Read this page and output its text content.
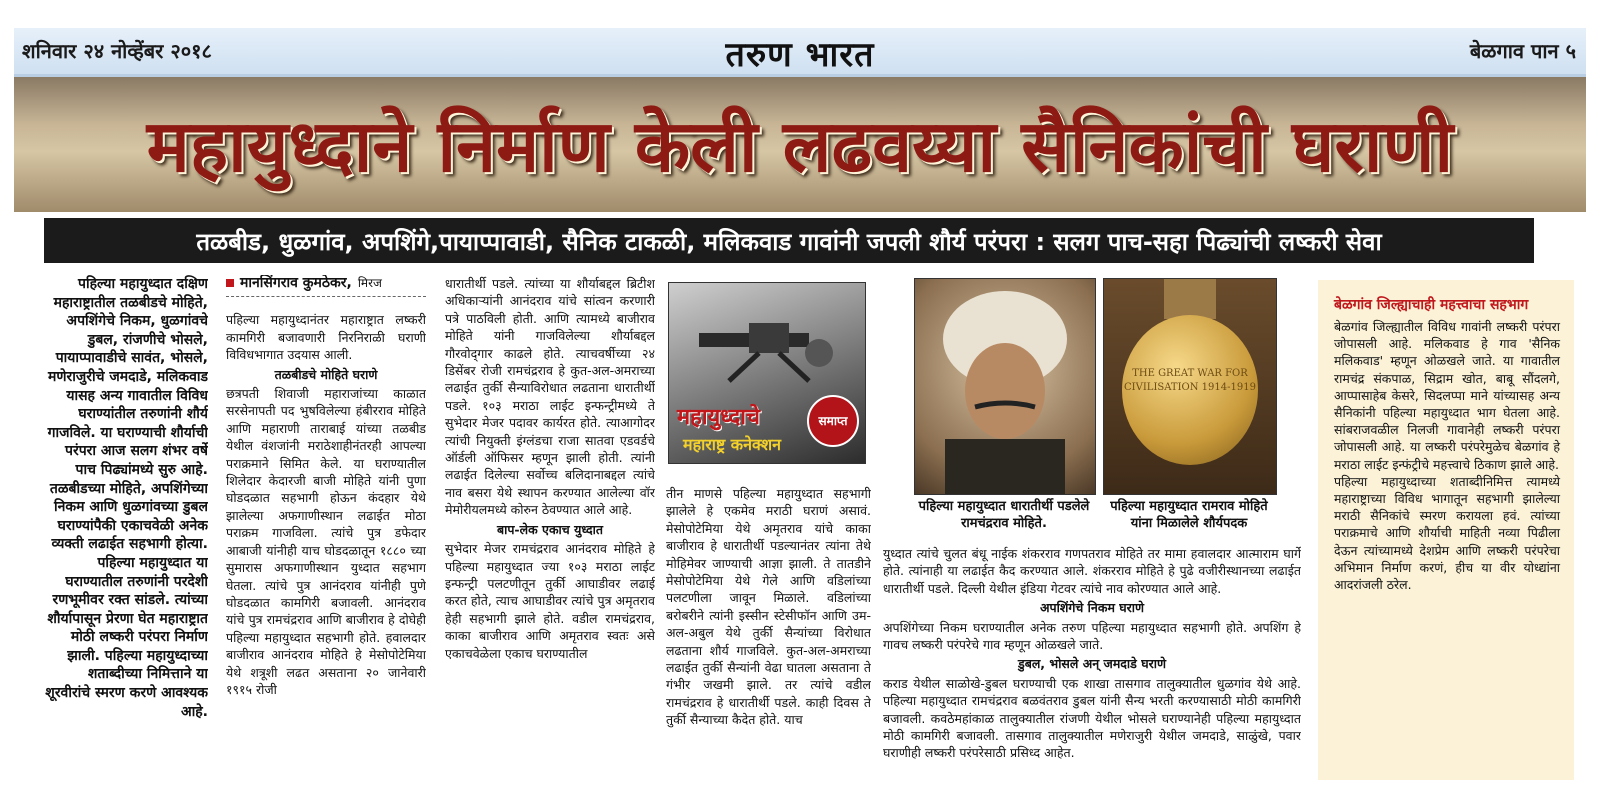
शनिवार २४ नोव्हेंबर २०१८	तरुण भारत	बेळगाव पान ५
महायुध्दाने निर्माण केली लढवय्या सैनिकांची घराणी
तळबीड, धुळगांव, अपशिंगे,पायाप्पावाडी, सैनिक टाकळी, मलिकवाड गावांनी जपली शौर्य परंपरा : सलग पाच-सहा पिढ्यांची लष्करी सेवा

पहिल्या महायुध्दात दक्षिण महाराष्ट्रातील तळबीडचे मोहिते, अपशिंगेचे निकम, धुळगांवचे डुबल, रांजणीचे भोसले, पायाप्पावाडीचे सावंत, भोसले, मणेराजुरीचे जमदाडे, मलिकवाड यासह अन्य गावातील विविध घराण्यांतील तरुणांनी शौर्य गाजविले. या घराण्याची शौर्याची परंपरा आज सलग शंभर वर्षे पाच पिढ्यांमध्ये सुरु आहे. तळबीडच्या मोहिते, अपशिंगेच्या निकम आणि धुळगांवच्या डुबल घराण्यांपैकी एकाचवेळी अनेक व्यक्ती लढाईत सहभागी होत्या. पहिल्या महायुध्दात या घराण्यातील तरुणांनी परदेशी रणभूमीवर रक्त सांडले. त्यांच्या शौर्यापासून प्रेरणा घेत महाराष्ट्रात मोठी लष्करी परंपरा निर्माण झाली. पहिल्या महायुध्दाच्या शताब्दीच्या निमित्ताने या शूरवीरांचे स्मरण करणे आवश्यक आहे.

मानसिंगराव कुमठेकर, मिरज

पहिल्या महायुध्दानंतर महाराष्ट्रात लष्करी कामगिरी बजावणारी निरनिराळी घराणी विविधभागात उदयास आली.

तळबीडचे मोहिते घराणे

छत्रपती शिवाजी महाराजांच्या काळात सरसेनापती पद भुषविलेल्या हंबीरराव मोहिते आणि महाराणी ताराबाई यांच्या तळबीड येथील वंशजांनी मराठेशाहीनंतरही आपल्या पराक्रमाने सिमित केले. या घराण्यातील शिलेदार केदारजी बाजी मोहिते यांनी पुणा घोडदळात सहभागी होऊन कंदहार येथे झालेल्या अफगाणीस्थान लढाईत मोठा पराक्रम गाजविला. त्यांचे पुत्र डफेदार आबाजी यांनीही याच घोडदळातून १८८० च्या सुमारास अफगाणीस्थान युध्दात सहभाग घेतला. त्यांचे पुत्र आनंदराव यांनीही पुणे घोडदळात कामगिरी बजावली. आनंदराव यांचे पुत्र रामचंद्रराव आणि बाजीराव हे दोघेही पहिल्या महायुध्दात सहभागी होते. हवालदार बाजीराव आनंदराव मोहिते हे मेसोपोटेमिया येथे शत्रूशी लढत असताना २० जानेवारी १९१५ रोजी

धारातीर्थी पडले. त्यांच्या या शौर्याबद्दल ब्रिटीश अधिकाऱ्यांनी आनंदराव यांचे सांत्वन करणारी पत्रे पाठविली होती. आणि त्यामध्ये बाजीराव मोहिते यांनी गाजविलेल्या शौर्याबद्दल गौरवोद्‌गार काढले होते. त्याचवर्षीच्या २४ डिसेंबर रोजी रामचंद्रराव हे कुत-अल-अमराच्या लढाईत तुर्की सैन्याविरोधात लढताना धारातीर्थी पडले. १०३ मराठा लाईट इन्फन्ट्रीमध्ये ते सुभेदार मेजर पदावर कार्यरत होते. त्याआगोदर त्यांची नियुक्ती इंग्लंडचा राजा सातवा एडवर्डचे ऑर्डली ऑफिसर म्हणून झाली होती. त्यांनी लढाईत दिलेल्या सर्वोच्च बलिदानाबद्दल त्यांचे नाव बसरा येथे स्थापन करण्यात आलेल्या वॉर मेमोरीयलमध्ये कोरुन ठेवण्यात आले आहे.

बाप-लेक एकाच युध्दात

सुभेदार मेजर रामचंद्रराव आनंदराव मोहिते हे पहिल्या महायुध्दात ज्या १०३ मराठा लाईट इन्फन्ट्री पलटणीतून तुर्की आघाडीवर लढाई करत होते, त्याच आघाडीवर त्यांचे पुत्र अमृतराव हेही सहभागी झाले होते. वडील रामचंद्रराव, काका बाजीराव आणि अमृतराव स्वतः असे एकाचवेळेला एकाच घराण्यातील

महायुध्दाचे
महाराष्ट्र कनेक्शन
समाप्त

तीन माणसे पहिल्या महायुध्दात सहभागी झालेले हे एकमेव मराठी घराणं असावं. मेसोपोटेमिया येथे अमृतराव यांचे काका बाजीराव हे धारातीर्थी पडल्यानंतर त्यांना तेथे मोहिमेवर जाण्याची आज्ञा झाली. ते तातडीने मेसोपोटेमिया येथे गेले आणि वडिलांच्या पलटणीला जावून मिळाले. वडिलांच्या बरोबरीने त्यांनी इस्सीन स्टेसीफॉन आणि उम-अल-अबुल येथे तुर्की सैन्यांच्या विरोधात लढताना शौर्य गाजविले. कुत-अल-अमराच्या लढाईत तुर्की सैन्यांनी वेढा घातला असताना ते गंभीर जखमी झाले. तर त्यांचे वडील रामचंद्रराव हे धारातीर्थी पडले. काही दिवस ते तुर्की सैन्याच्या कैदेत होते. याच

पहिल्या महायुध्दात धारातीर्थी पडलेले रामचंद्रराव मोहिते.
THE GREAT WAR FOR CIVILISATION 1914-1919
पहिल्या महायुध्दात रामराव मोहिते यांना मिळालेले शौर्यपदक

युध्दात त्यांचे चुलत बंधू नाईक शंकरराव गणपतराव मोहिते तर मामा हवालदार आत्माराम घार्गे होते. त्यांनाही या लढाईत कैद करण्यात आले. शंकरराव मोहिते हे पुढे वजीरीस्थानच्या लढाईत धारातीर्थी पडले. दिल्ली येथील इंडिया गेटवर त्यांचे नाव कोरण्यात आले आहे.

अपशिंगेचे निकम घराणे

अपशिंगेच्या निकम घराण्यातील अनेक तरुण पहिल्या महायुध्दात सहभागी होते. अपशिंग हे गावच लष्करी परंपरेचे गाव म्हणून ओळखले जाते.

डुबल, भोसले अन् जमदाडे घराणे

कराड येथील साळोखे-डुबल घराण्याची एक शाखा तासगाव तालुक्यातील धुळगांव येथे आहे. पहिल्या महायुध्दात रामचंद्रराव बळवंतराव डुबल यांनी सैन्य भरती करण्यासाठी मोठी कामगिरी बजावली. कवठेमहांकाळ तालुक्यातील रांजणी येथील भोसले घराण्यानेही पहिल्या महायुध्दात मोठी कामगिरी बजावली. तासगाव तालुक्यातील मणेराजुरी येथील जमदाडे, साळुंखे, पवार घराणीही लष्करी परंपरेसाठी प्रसिध्द आहेत.

बेळगांव जिल्ह्याचाही महत्त्वाचा सहभाग

बेळगांव जिल्ह्यातील विविध गावांनी लष्करी परंपरा जोपासली आहे. मलिकवाड हे गाव 'सैनिक मलिकवाड' म्हणून ओळखले जाते. या गावातील रामचंद्र संकपाळ, सिद्राम खोत, बाबू सौंदलगे, आप्पासाहेब केसरे, सिदलप्पा माने यांच्यासह अन्य सैनिकांनी पहिल्या महायुध्दात भाग घेतला आहे. सांबराजवळील निलजी गावानेही लष्करी परंपरा जोपासली आहे. या लष्करी परंपरेमुळेच बेळगांव हे मराठा लाईट इन्फंट्रीचे महत्त्वाचे ठिकाण झाले आहे.

पहिल्या महायुध्दाच्या शताब्दीनिमित्त त्यामध्ये महाराष्ट्राच्या विविध भागातून सहभागी झालेल्या मराठी सैनिकांचे स्मरण करायला हवं. त्यांच्या पराक्रमाचे आणि शौर्याची माहिती नव्या पिढीला देऊन त्यांच्यामध्ये देशप्रेम आणि लष्करी परंपरेचा अभिमान निर्माण करणं, हीच या वीर योध्द्यांना आदरांजली ठरेल.
